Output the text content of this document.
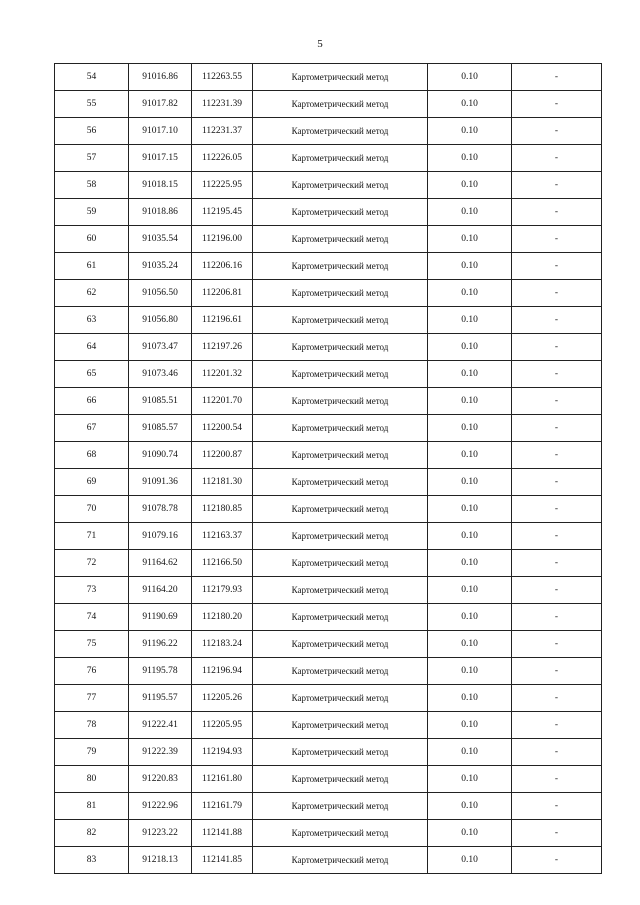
5
54	91016.86	112263.55	Картометрический метод	0.10	-
55	91017.82	112231.39	Картометрический метод	0.10	-
56	91017.10	112231.37	Картометрический метод	0.10	-
57	91017.15	112226.05	Картометрический метод	0.10	-
58	91018.15	112225.95	Картометрический метод	0.10	-
59	91018.86	112195.45	Картометрический метод	0.10	-
60	91035.54	112196.00	Картометрический метод	0.10	-
61	91035.24	112206.16	Картометрический метод	0.10	-
62	91056.50	112206.81	Картометрический метод	0.10	-
63	91056.80	112196.61	Картометрический метод	0.10	-
64	91073.47	112197.26	Картометрический метод	0.10	-
65	91073.46	112201.32	Картометрический метод	0.10	-
66	91085.51	112201.70	Картометрический метод	0.10	-
67	91085.57	112200.54	Картометрический метод	0.10	-
68	91090.74	112200.87	Картометрический метод	0.10	-
69	91091.36	112181.30	Картометрический метод	0.10	-
70	91078.78	112180.85	Картометрический метод	0.10	-
71	91079.16	112163.37	Картометрический метод	0.10	-
72	91164.62	112166.50	Картометрический метод	0.10	-
73	91164.20	112179.93	Картометрический метод	0.10	-
74	91190.69	112180.20	Картометрический метод	0.10	-
75	91196.22	112183.24	Картометрический метод	0.10	-
76	91195.78	112196.94	Картометрический метод	0.10	-
77	91195.57	112205.26	Картометрический метод	0.10	-
78	91222.41	112205.95	Картометрический метод	0.10	-
79	91222.39	112194.93	Картометрический метод	0.10	-
80	91220.83	112161.80	Картометрический метод	0.10	-
81	91222.96	112161.79	Картометрический метод	0.10	-
82	91223.22	112141.88	Картометрический метод	0.10	-
83	91218.13	112141.85	Картометрический метод	0.10	-
